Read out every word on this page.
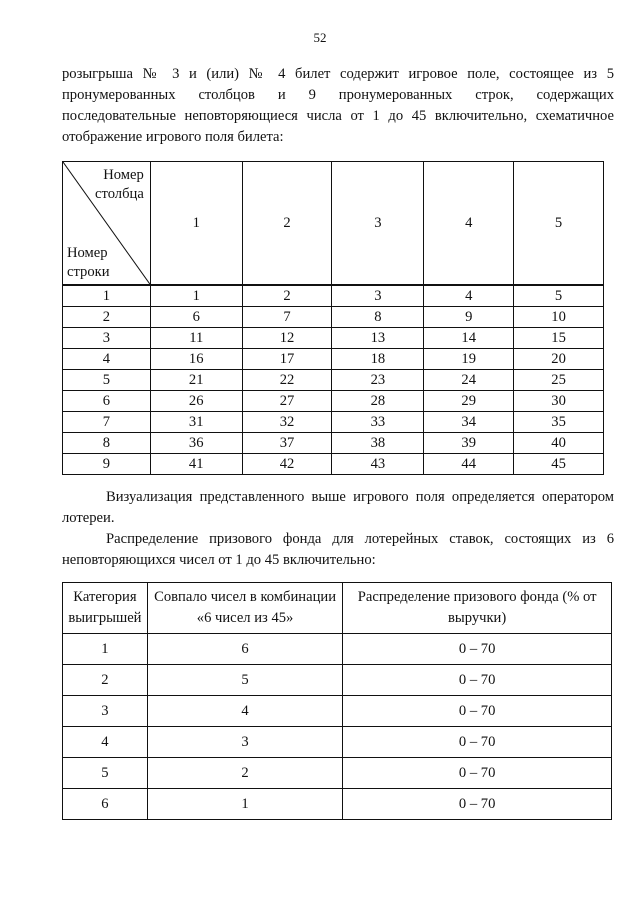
52
розыгрыша № 3 и (или) № 4 билет содержит игровое поле, состоящее из 5 пронумерованных столбцов и 9 пронумерованных строк, содержащих последовательные неповторяющиеся числа от 1 до 45 включительно, схематичное отображение игрового поля билета:
Номер столбца
Номер строки	1	2	3	4	5
1	1	2	3	4	5
2	6	7	8	9	10
3	11	12	13	14	15
4	16	17	18	19	20
5	21	22	23	24	25
6	26	27	28	29	30
7	31	32	33	34	35
8	36	37	38	39	40
9	41	42	43	44	45
Визуализация представленного выше игрового поля определяется оператором лотереи.
Распределение призового фонда для лотерейных ставок, состоящих из 6 неповторяющихся чисел от 1 до 45 включительно:
Категория выигрышей	Совпало чисел в комбинации «6 чисел из 45»	Распределение призового фонда (% от выручки)
1	6	0 – 70
2	5	0 – 70
3	4	0 – 70
4	3	0 – 70
5	2	0 – 70
6	1	0 – 70
